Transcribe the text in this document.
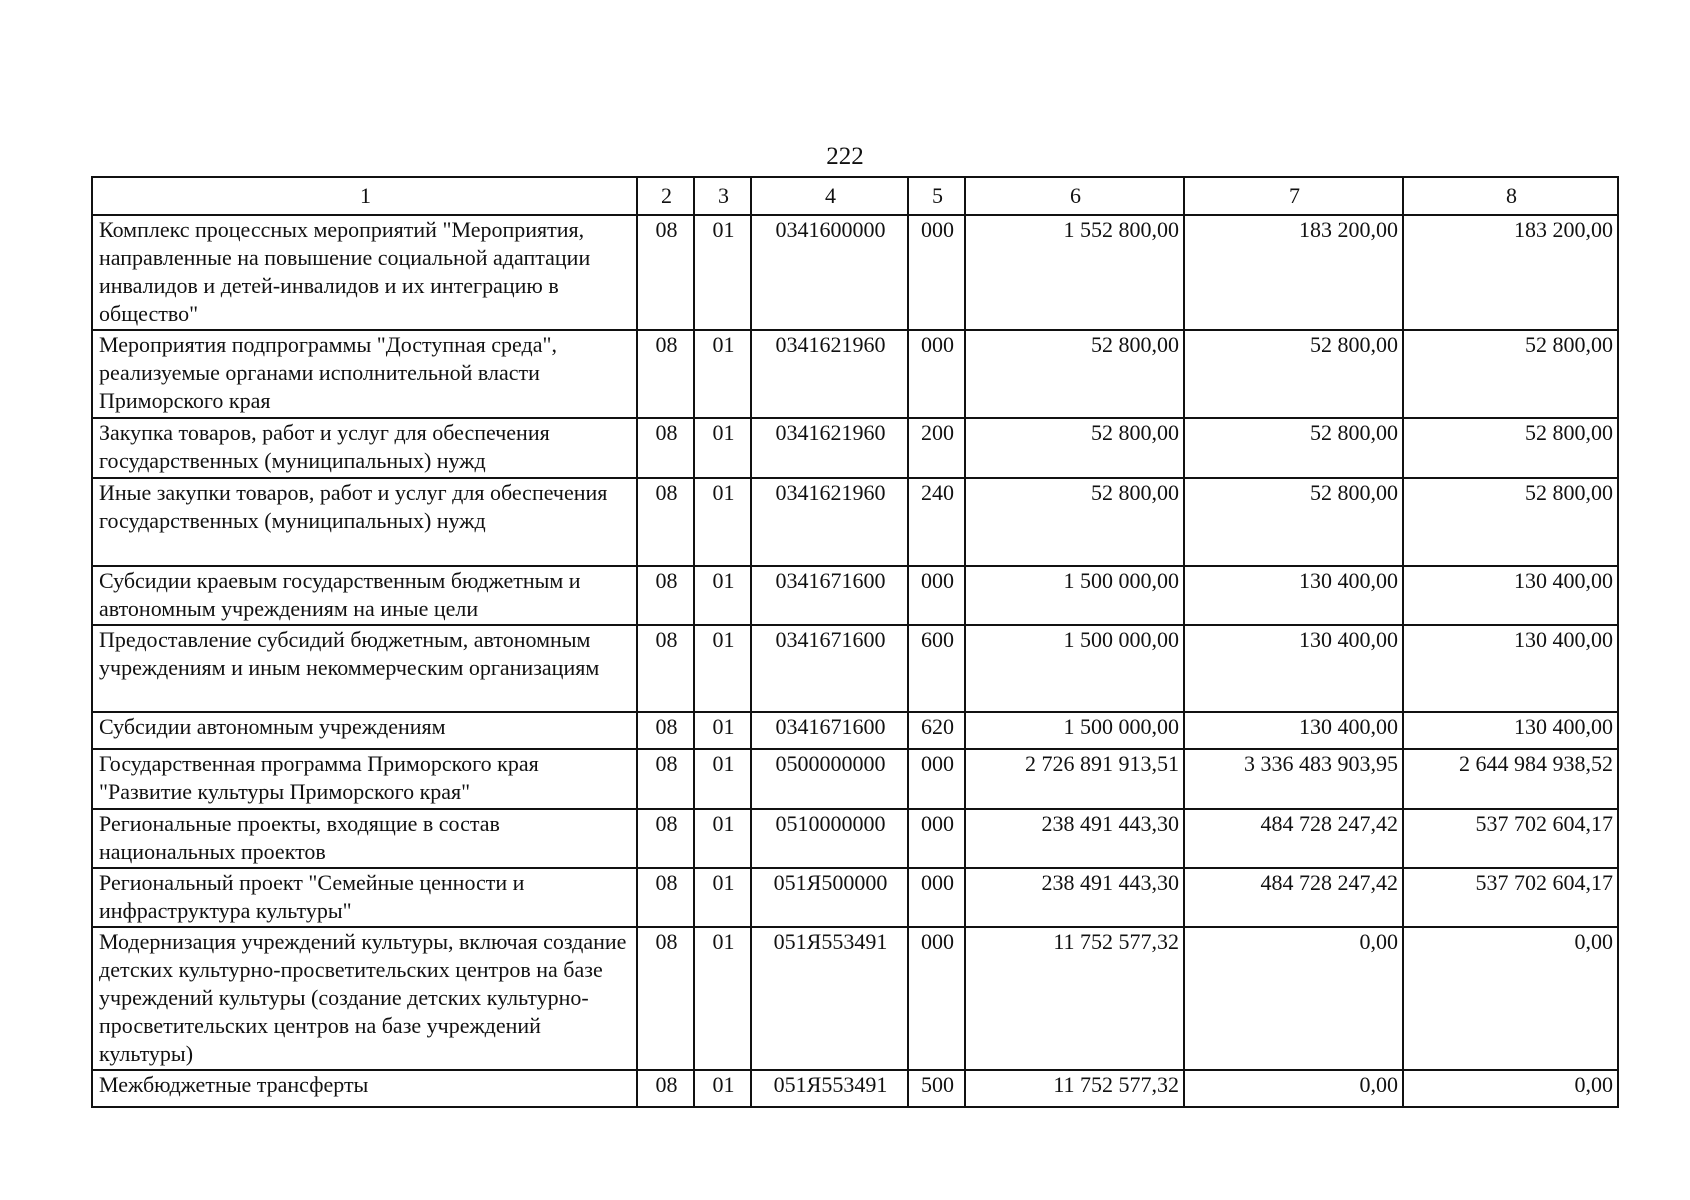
222
1	2	3	4	5	6	7	8
Комплекс процессных мероприятий "Мероприятия, направленные на повышение социальной адаптации инвалидов и детей-инвалидов и их интеграцию в общество"	08	01	0341600000	000	1 552 800,00	183 200,00	183 200,00
Мероприятия подпрограммы "Доступная среда", реализуемые органами исполнительной власти Приморского края	08	01	0341621960	000	52 800,00	52 800,00	52 800,00
Закупка товаров, работ и услуг для обеспечения государственных (муниципальных) нужд	08	01	0341621960	200	52 800,00	52 800,00	52 800,00
Иные закупки товаров, работ и услуг для обеспечения государственных (муниципальных) нужд	08	01	0341621960	240	52 800,00	52 800,00	52 800,00
Субсидии краевым государственным бюджетным и автономным учреждениям на иные цели	08	01	0341671600	000	1 500 000,00	130 400,00	130 400,00
Предоставление субсидий бюджетным, автономным учреждениям и иным некоммерческим организациям	08	01	0341671600	600	1 500 000,00	130 400,00	130 400,00
Субсидии автономным учреждениям	08	01	0341671600	620	1 500 000,00	130 400,00	130 400,00
Государственная программа Приморского края "Развитие культуры Приморского края"	08	01	0500000000	000	2 726 891 913,51	3 336 483 903,95	2 644 984 938,52
Региональные проекты, входящие в состав национальных проектов	08	01	0510000000	000	238 491 443,30	484 728 247,42	537 702 604,17
Региональный проект "Семейные ценности и инфраструктура культуры"	08	01	051Я500000	000	238 491 443,30	484 728 247,42	537 702 604,17
Модернизация учреждений культуры, включая создание детских культурно-просветительских центров на базе учреждений культуры (создание детских культурно-просветительских центров на базе учреждений культуры)	08	01	051Я553491	000	11 752 577,32	0,00	0,00
Межбюджетные трансферты	08	01	051Я553491	500	11 752 577,32	0,00	0,00
